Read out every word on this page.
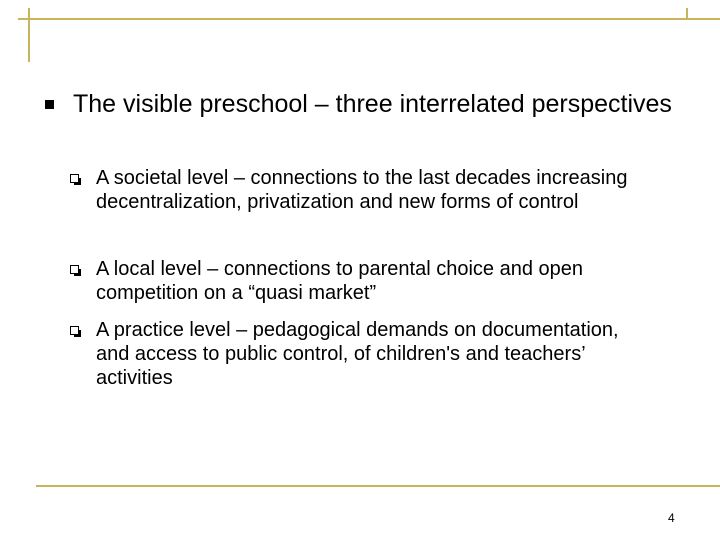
The visible preschool – three interrelated perspectives
A societal level – connections to the last decades increasing decentralization, privatization and new forms of control
A local level – connections to parental choice and open competition on a “quasi market”
A practice level – pedagogical demands on documentation, and access to public control, of children's and teachers’ activities
4
